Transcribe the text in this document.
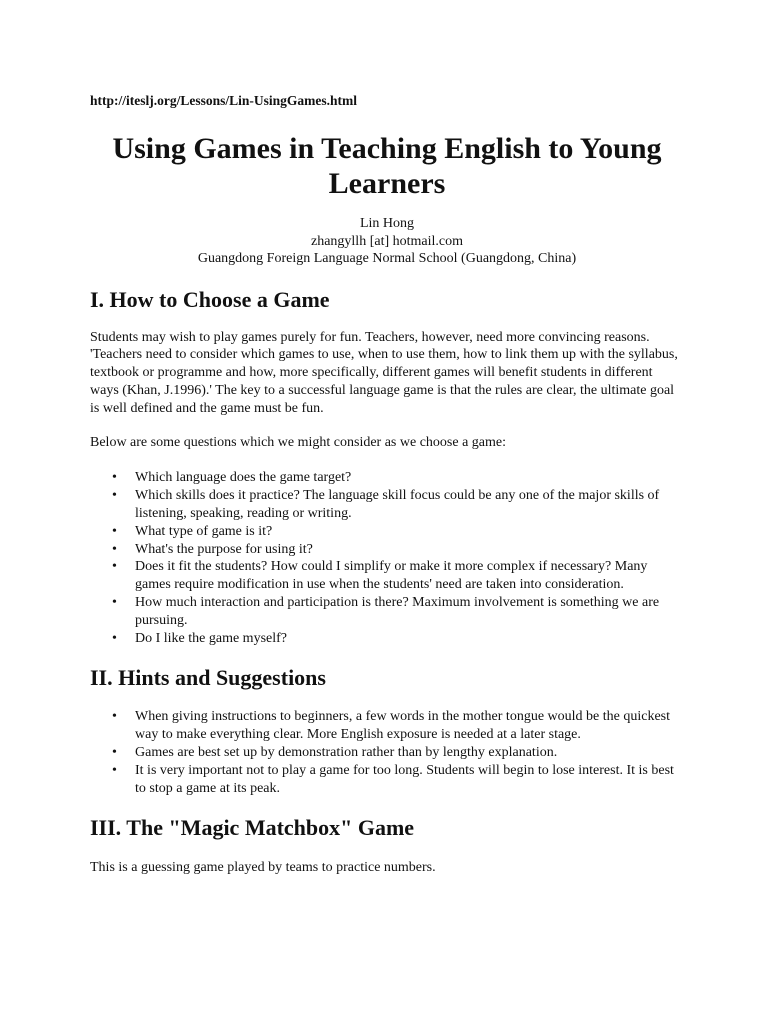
http://iteslj.org/Lessons/Lin-UsingGames.html

Using Games in Teaching English to Young Learners
Lin Hong
zhangyllh [at] hotmail.com
Guangdong Foreign Language Normal School (Guangdong, China)
I. How to Choose a Game

Students may wish to play games purely for fun. Teachers, however, need more convincing reasons. 'Teachers need to consider which games to use, when to use them, how to link them up with the syllabus, textbook or programme and how, more specifically, different games will benefit students in different ways (Khan, J.1996).' The key to a successful language game is that the rules are clear, the ultimate goal is well defined and the game must be fun.

Below are some questions which we might consider as we choose a game:

• Which language does the game target?
• Which skills does it practice? The language skill focus could be any one of the major skills of listening, speaking, reading or writing.
• What type of game is it?
• What's the purpose for using it?
• Does it fit the students? How could I simplify or make it more complex if necessary? Many games require modification in use when the students' need are taken into consideration.
• How much interaction and participation is there? Maximum involvement is something we are pursuing.
• Do I like the game myself?
II. Hints and Suggestions
• When giving instructions to beginners, a few words in the mother tongue would be the quickest way to make everything clear. More English exposure is needed at a later stage.
• Games are best set up by demonstration rather than by lengthy explanation.
• It is very important not to play a game for too long. Students will begin to lose interest. It is best to stop a game at its peak.
III. The "Magic Matchbox" Game

This is a guessing game played by teams to practice numbers.
